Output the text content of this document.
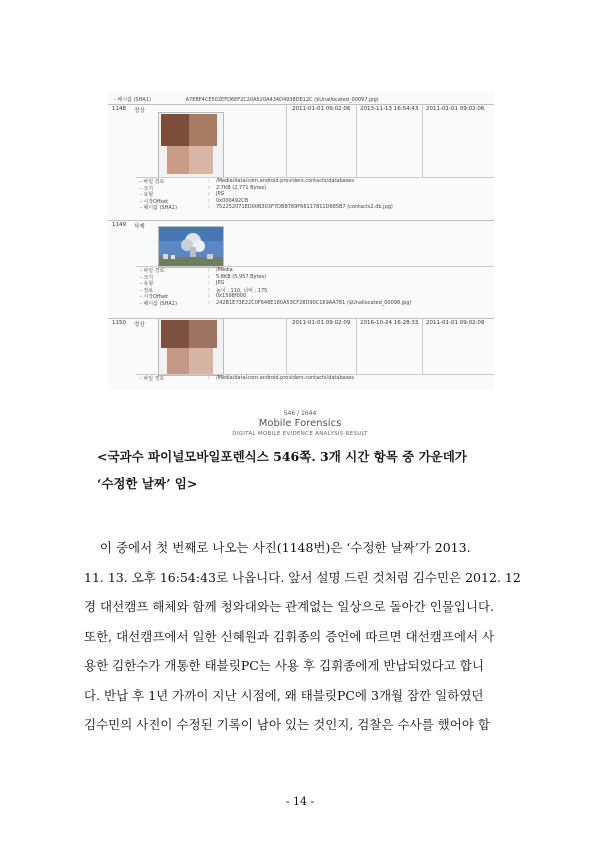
- 해시값 (SHA1)	A7EBF4CE502EFD6EF2C20A520A434D4938DE12C ($Unallocated_00097.jpg)
1148 정상	2011-01-01 09:02:06 2013-11-13 16:54:43 2011-01-01 09:02:06
- 파일 경로	: /Media/data/com.android.providers.contacts/databases
- 크기	: 2.7KB (2,771 Bytes)
- 유형	: JPG
- 시작Offset	: 0x000492CB
- 해시값 (SHA1)	: 752252071ED00B303F7DBB789F66117811D685B7 (contacts2.db.jpg)
1149 삭제
- 파일 경로	: /Media
- 크기	: 5.8KB (5,957 Bytes)
- 유형	: JPG
- 정보	: 높이 : 110, 너비 : 175
- 시작Offset	: 0x1598f000
- 해시값 (SHA1)	: 242B1E73E22C0F648E180A53CF28D90C169AA781 ($Unallocated_00098.jpg)
1150 정상	2011-01-01 09:02:09 2016-10-24 16:28:33 2011-01-01 09:02:09
- 파일 경로	: /Media/data/com.android.providers.contacts/databases
546 / 1644
Mobile Forensics
DIGITAL MOBILE EVIDENCE ANALYSIS RESULT
<국과수 파이널모바일포렌식스 546쪽. 3개 시간 항목 중 가운데가
‘수정한 날짜’ 임>
이 중에서 첫 번째로 나오는 사진(1148번)은 ‘수정한 날짜’가 2013.
11. 13. 오후 16:54:43로 나옵니다. 앞서 설명 드린 것처럼 김수민은 2012. 12
경 대선캠프 해체와 함께 청와대와는 관계없는 일상으로 돌아간 인물입니다.
또한, 대선캠프에서 일한 신혜원과 김휘종의 증언에 따르면 대선캠프에서 사
용한 김한수가 개통한 태블릿PC는 사용 후 김휘종에게 반납되었다고 합니
다. 반납 후 1년 가까이 지난 시점에, 왜 태블릿PC에 3개월 잠깐 일하였던
김수민의 사진이 수정된 기록이 남아 있는 것인지, 검찰은 수사를 했어야 합
- 14 -
